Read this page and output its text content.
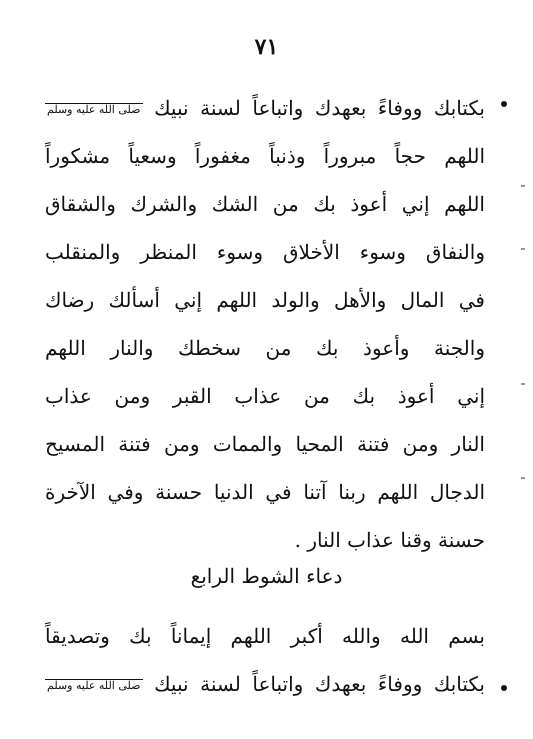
٧١
بكتابك ووفاءً بعهدك واتباعاً لسنة نبيك صلى الله عليه وسلم
اللهم حجاً مبروراً وذنباً مغفوراً وسعياً مشكوراً
اللهم إني أعوذ بك من الشك والشرك والشقاق
والنفاق وسوء الأخلاق وسوء المنظر والمنقلب
في المال والأهل والولد اللهم إني أسألك رضاك
والجنة وأعوذ بك من سخطك والنار اللهم
إني أعوذ بك من عذاب القبر ومن عذاب
النار ومن فتنة المحيا والممات ومن فتنة المسيح
الدجال اللهم ربنا آتنا في الدنيا حسنة وفي الآخرة
حسنة وقنا عذاب النار .
دعاء الشوط الرابع
بسم الله والله أكبر اللهم إيماناً بك وتصديقاً
بكتابك ووفاءً بعهدك واتباعاً لسنة نبيك صلى الله عليه وسلم
